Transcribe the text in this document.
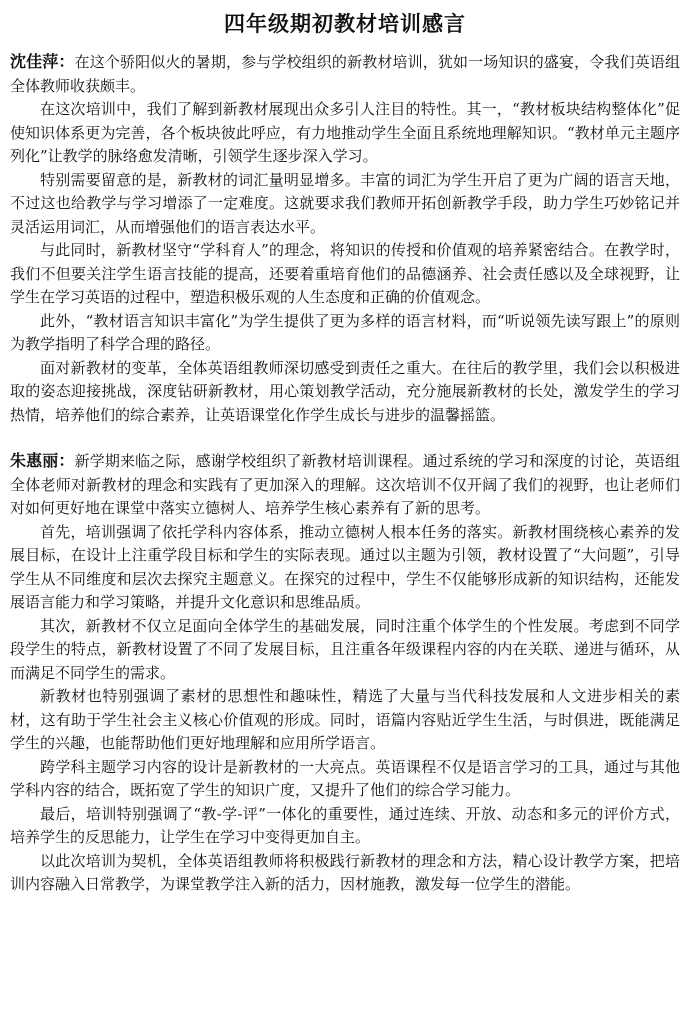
四年级期初教材培训感言

沈佳萍：在这个骄阳似火的暑期，参与学校组织的新教材培训，犹如一场知识的盛宴，令我们英语组全体教师收获颇丰。

在这次培训中，我们了解到新教材展现出众多引人注目的特性。其一，“教材板块结构整体化”促使知识体系更为完善，各个板块彼此呼应，有力地推动学生全面且系统地理解知识。“教材单元主题序列化”让教学的脉络愈发清晰，引领学生逐步深入学习。

特别需要留意的是，新教材的词汇量明显增多。丰富的词汇为学生开启了更为广阔的语言天地，不过这也给教学与学习增添了一定难度。这就要求我们教师开拓创新教学手段，助力学生巧妙铭记并灵活运用词汇，从而增强他们的语言表达水平。

与此同时，新教材坚守“学科育人”的理念，将知识的传授和价值观的培养紧密结合。在教学时，我们不但要关注学生语言技能的提高，还要着重培育他们的品德涵养、社会责任感以及全球视野，让学生在学习英语的过程中，塑造积极乐观的人生态度和正确的价值观念。

此外，“教材语言知识丰富化”为学生提供了更为多样的语言材料，而“听说领先读写跟上”的原则为教学指明了科学合理的路径。

面对新教材的变革，全体英语组教师深切感受到责任之重大。在往后的教学里，我们会以积极进取的姿态迎接挑战，深度钻研新教材，用心策划教学活动，充分施展新教材的长处，激发学生的学习热情，培养他们的综合素养，让英语课堂化作学生成长与进步的温馨摇篮。

朱惠丽：新学期来临之际，感谢学校组织了新教材培训课程。通过系统的学习和深度的讨论，英语组全体老师对新教材的理念和实践有了更加深入的理解。这次培训不仅开阔了我们的视野，也让老师们对如何更好地在课堂中落实立德树人、培养学生核心素养有了新的思考。

首先，培训强调了依托学科内容体系，推动立德树人根本任务的落实。新教材围绕核心素养的发展目标，在设计上注重学段目标和学生的实际表现。通过以主题为引领，教材设置了“大问题”，引导学生从不同维度和层次去探究主题意义。在探究的过程中，学生不仅能够形成新的知识结构，还能发展语言能力和学习策略，并提升文化意识和思维品质。

其次，新教材不仅立足面向全体学生的基础发展，同时注重个体学生的个性发展。考虑到不同学段学生的特点，新教材设置了不同了发展目标，且注重各年级课程内容的内在关联、递进与循环，从而满足不同学生的需求。

新教材也特别强调了素材的思想性和趣味性，精选了大量与当代科技发展和人文进步相关的素材，这有助于学生社会主义核心价值观的形成。同时，语篇内容贴近学生生活，与时俱进，既能满足学生的兴趣，也能帮助他们更好地理解和应用所学语言。

跨学科主题学习内容的设计是新教材的一大亮点。英语课程不仅是语言学习的工具，通过与其他学科内容的结合，既拓宽了学生的知识广度，又提升了他们的综合学习能力。

最后，培训特别强调了“教-学-评”一体化的重要性，通过连续、开放、动态和多元的评价方式，培养学生的反思能力，让学生在学习中变得更加自主。

以此次培训为契机，全体英语组教师将积极践行新教材的理念和方法，精心设计教学方案，把培训内容融入日常教学，为课堂教学注入新的活力，因材施教，激发每一位学生的潜能。
